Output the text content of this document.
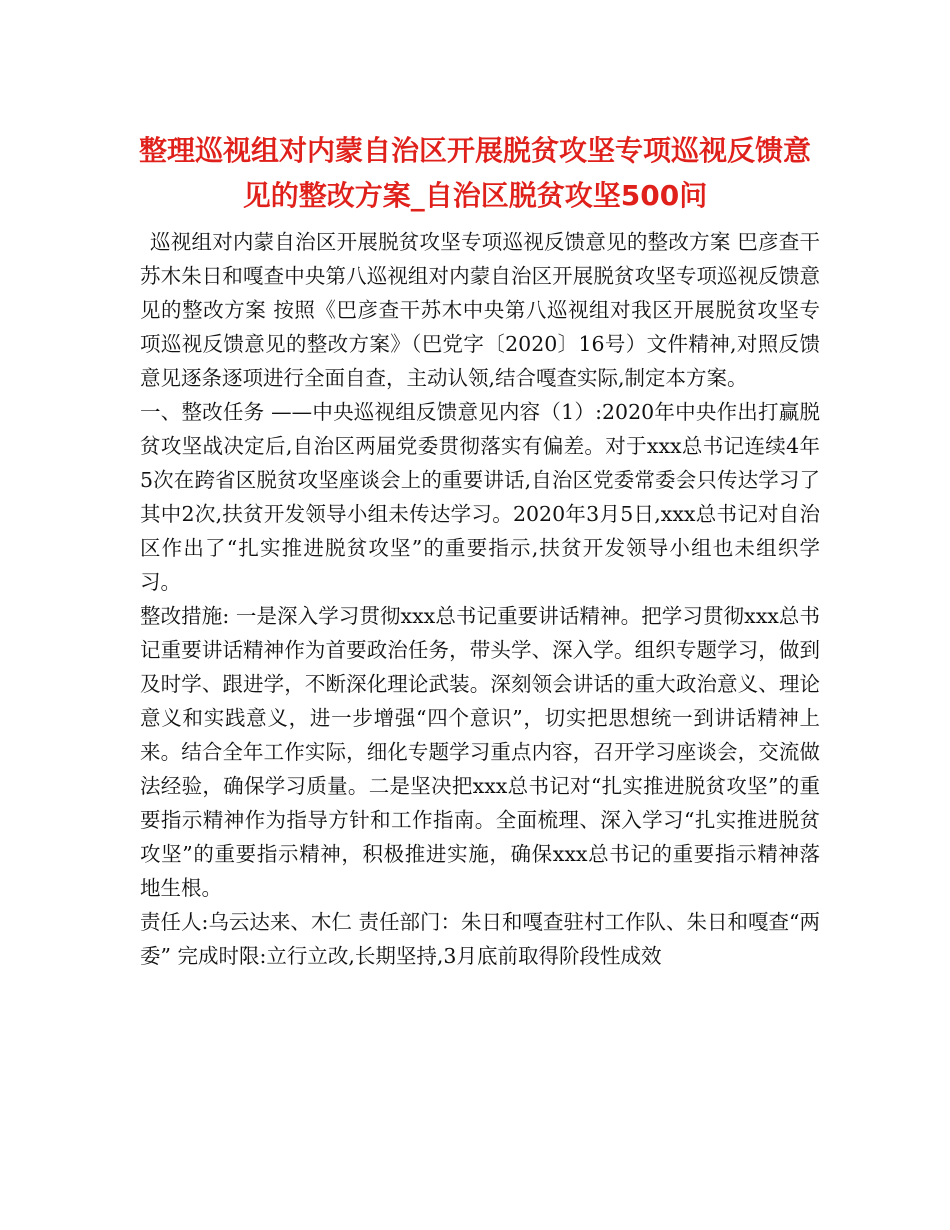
整理巡视组对内蒙自治区开展脱贫攻坚专项巡视反馈意见的整改方案_自治区脱贫攻坚500问

巡视组对内蒙自治区开展脱贫攻坚专项巡视反馈意见的整改方案 巴彦查干苏木朱日和嘎查中央第八巡视组对内蒙自治区开展脱贫攻坚专项巡视反馈意见的整改方案 按照《巴彦查干苏木中央第八巡视组对我区开展脱贫攻坚专项巡视反馈意见的整改方案》（巴党字〔2020〕16号）文件精神,对照反馈意见逐条逐项进行全面自查，主动认领,结合嘎查实际,制定本方案。

一、整改任务 ——中央巡视组反馈意见内容（1）:2020年中央作出打赢脱贫攻坚战决定后,自治区两届党委贯彻落实有偏差。对于xxx总书记连续4年5次在跨省区脱贫攻坚座谈会上的重要讲话,自治区党委常委会只传达学习了其中2次,扶贫开发领导小组未传达学习。2020年3月5日,xxx总书记对自治区作出了“扎实推进脱贫攻坚”的重要指示,扶贫开发领导小组也未组织学习。

整改措施: 一是深入学习贯彻xxx总书记重要讲话精神。把学习贯彻xxx总书记重要讲话精神作为首要政治任务，带头学、深入学。组织专题学习，做到及时学、跟进学，不断深化理论武装。深刻领会讲话的重大政治意义、理论意义和实践意义，进一步增强“四个意识”，切实把思想统一到讲话精神上来。结合全年工作实际，细化专题学习重点内容，召开学习座谈会，交流做法经验，确保学习质量。二是坚决把xxx总书记对“扎实推进脱贫攻坚”的重要指示精神作为指导方针和工作指南。全面梳理、深入学习“扎实推进脱贫攻坚”的重要指示精神，积极推进实施，确保xxx总书记的重要指示精神落地生根。

责任人:乌云达来、木仁 责任部门：朱日和嘎查驻村工作队、朱日和嘎查“两委” 完成时限:立行立改,长期坚持,3月底前取得阶段性成效
